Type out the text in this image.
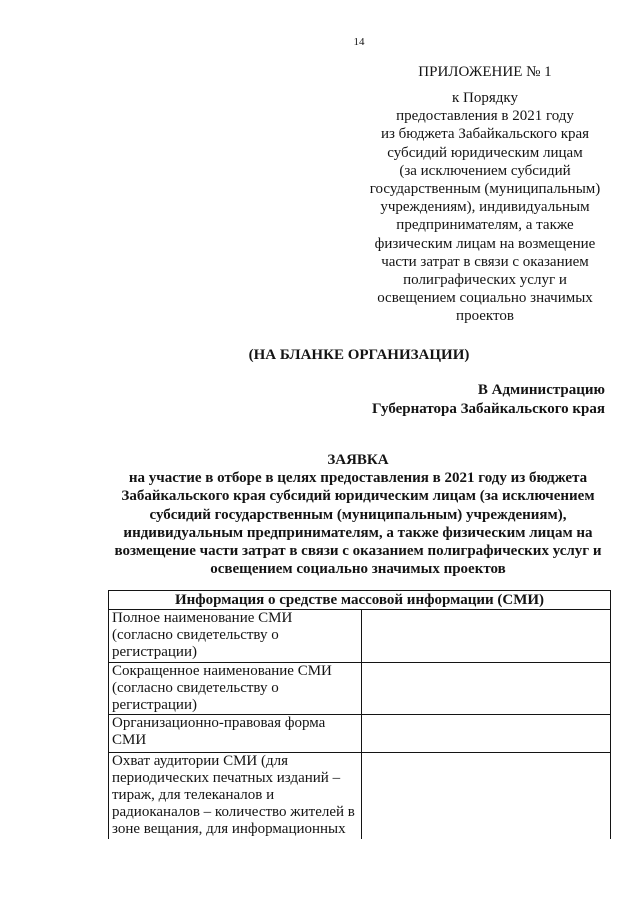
14
ПРИЛОЖЕНИЕ № 1
к Порядку
предоставления в 2021 году
из бюджета Забайкальского края
субсидий юридическим лицам
(за исключением субсидий
государственным (муниципальным)
учреждениям), индивидуальным
предпринимателям, а также
физическим лицам на возмещение
части затрат в связи с оказанием
полиграфических услуг и
освещением социально значимых
проектов
(НА БЛАНКЕ ОРГАНИЗАЦИИ)
В Администрацию
Губернатора Забайкальского края
ЗАЯВКА
на участие в отборе в целях предоставления в 2021 году из бюджета
Забайкальского края субсидий юридическим лицам (за исключением
субсидий государственным (муниципальным) учреждениям),
индивидуальным предпринимателям, а также физическим лицам на
возмещение части затрат в связи с оказанием полиграфических услуг и
освещением социально значимых проектов
Информация о средстве массовой информации (СМИ)
Полное наименование СМИ
(согласно свидетельству о
регистрации)
Сокращенное наименование СМИ
(согласно свидетельству о
регистрации)
Организационно-правовая форма
СМИ
Охват аудитории СМИ (для
периодических печатных изданий –
тираж, для телеканалов и
радиоканалов – количество жителей в
зоне вещания, для информационных
